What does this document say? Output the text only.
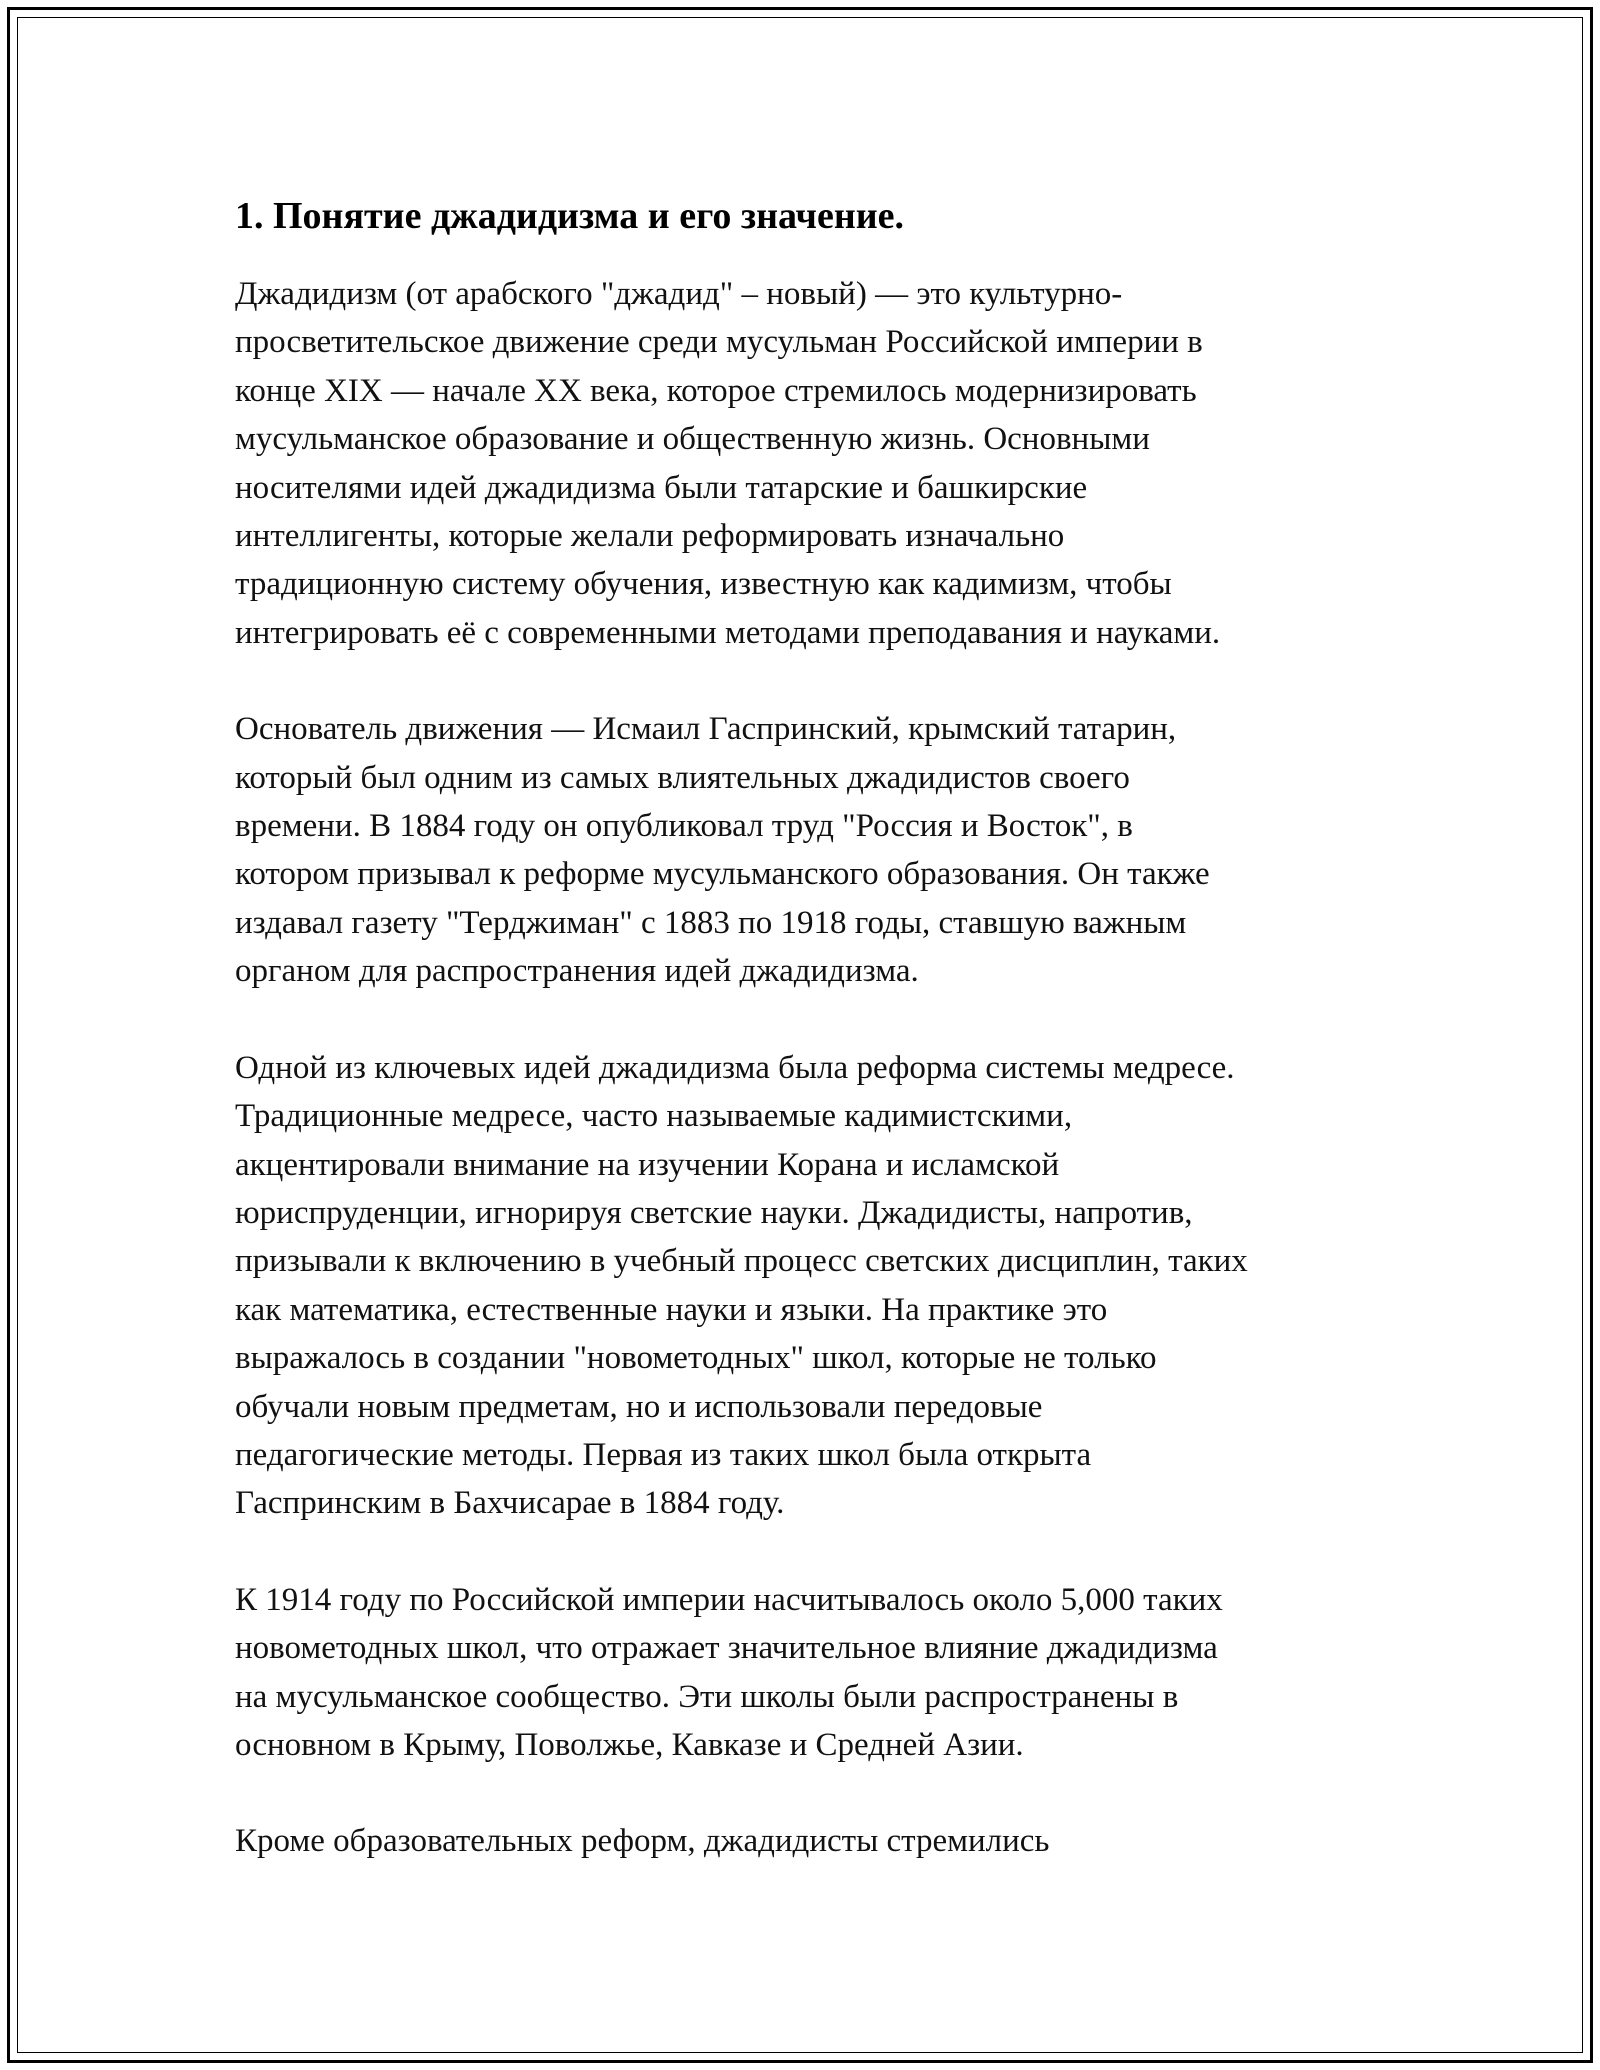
1. Понятие джадидизма и его значение.

Джадидизм (от арабского "джадид" – новый) — это культурно-
просветительское движение среди мусульман Российской империи в
конце XIX — начале XX века, которое стремилось модернизировать
мусульманское образование и общественную жизнь. Основными
носителями идей джадидизма были татарские и башкирские
интеллигенты, которые желали реформировать изначально
традиционную систему обучения, известную как кадимизм, чтобы
интегрировать её с современными методами преподавания и науками.

Основатель движения — Исмаил Гаспринский, крымский татарин,
который был одним из самых влиятельных джадидистов своего
времени. В 1884 году он опубликовал труд "Россия и Восток", в
котором призывал к реформе мусульманского образования. Он также
издавал газету "Терджиман" с 1883 по 1918 годы, ставшую важным
органом для распространения идей джадидизма.

Одной из ключевых идей джадидизма была реформа системы медресе.
Традиционные медресе, часто называемые кадимистскими,
акцентировали внимание на изучении Корана и исламской
юриспруденции, игнорируя светские науки. Джадидисты, напротив,
призывали к включению в учебный процесс светских дисциплин, таких
как математика, естественные науки и языки. На практике это
выражалось в создании "новометодных" школ, которые не только
обучали новым предметам, но и использовали передовые
педагогические методы. Первая из таких школ была открыта
Гаспринским в Бахчисарае в 1884 году.

К 1914 году по Российской империи насчитывалось около 5,000 таких
новометодных школ, что отражает значительное влияние джадидизма
на мусульманское сообщество. Эти школы были распространены в
основном в Крыму, Поволжье, Кавказе и Средней Азии.

Кроме образовательных реформ, джадидисты стремились
